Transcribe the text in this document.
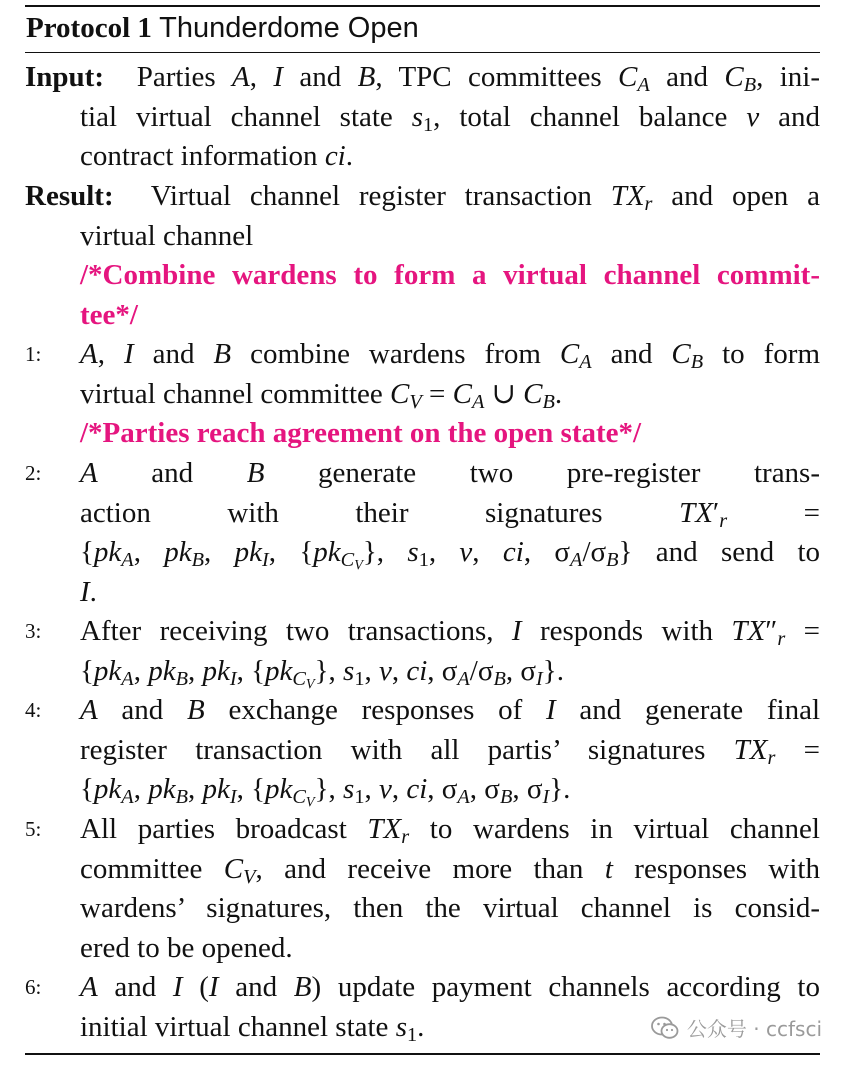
Protocol 1 Thunderdome Open
Input:  Parties A, I and B, TPC committees $C_A$ and $C_B$, ini-
tial virtual channel state $s_1$, total channel balance v and
contract information ci.
Result:  Virtual channel register transaction $TX_r$ and open a
virtual channel
/*Combine wardens to form a virtual channel commit-
tee*/
1:	A, I and B combine wardens from $C_A$ and $C_B$ to form
virtual channel committee $C_V = C_A$ ∪ $C_B$.
/*Parties reach agreement on the open state*/
2:	A and B generate two pre-register trans-
action with their signatures $TX'_r$ =
{$pk_A$, $pk_B$, $pk_I$, $\{pk_{C_V}\}$, $s_1$, v, ci, $\sigma_A/\sigma_B$} and send to
I.
3:	After receiving two transactions, I responds with $TX''_r$ =
{$pk_A$, $pk_B$, $pk_I$, $\{pk_{C_V}\}$, $s_1$, v, ci, $\sigma_A/\sigma_B$, $\sigma_I$}.
4:	A and B exchange responses of I and generate final
register transaction with all partis’ signatures $TX_r$ =
{$pk_A$, $pk_B$, $pk_I$, $\{pk_{C_V}\}$, $s_1$, v, ci, $\sigma_A$, $\sigma_B$, $\sigma_I$}.
5:	All parties broadcast $TX_r$ to wardens in virtual channel
committee $C_V$, and receive more than t responses with
wardens’ signatures, then the virtual channel is consid-
ered to be opened.
6:	A and I (I and B) update payment channels according to
initial virtual channel state $s_1$.	公众号 · ccfsci
